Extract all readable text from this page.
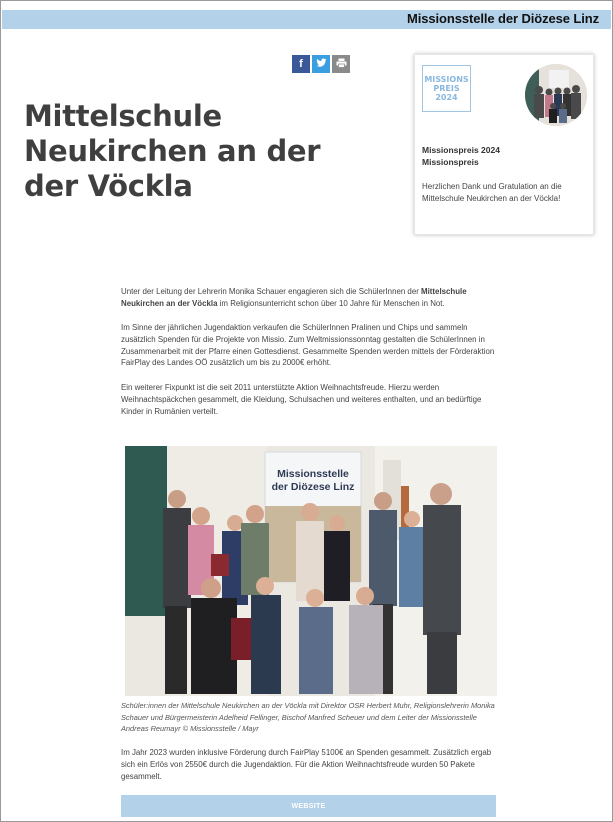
Missionsstelle der Diözese Linz
f
Mittelschule Neukirchen an der der Vöckla
MISSIONS
PREIS
2024
Missionspreis 2024
Missionspreis
Herzlichen Dank und Gratulation an die Mittelschule Neukirchen an der Vöckla!

Unter der Leitung der Lehrerin Monika Schauer engagieren sich die SchülerInnen der Mittelschule Neukirchen an der Vöckla im Religionsunterricht schon über 10 Jahre für Menschen in Not.

Im Sinne der jährlichen Jugendaktion verkaufen die SchülerInnen Pralinen und Chips und sammeln zusätzlich Spenden für die Projekte von Missio. Zum Weltmissionssonntag gestalten die SchülerInnen in Zusammenarbeit mit der Pfarre einen Gottesdienst. Gesammelte Spenden werden mittels der Förderaktion FairPlay des Landes OÖ zusätzlich um bis zu 2000€ erhöht.

Ein weiterer Fixpunkt ist die seit 2011 unterstützte Aktion Weihnachtsfreude. Hierzu werden Weihnachtspäckchen gesammelt, die Kleidung, Schulsachen und weiteres enthalten, und an bedürftige Kinder in Rumänien verteilt.

Missionsstelle
der Diözese Linz

Schüler:innen der Mittelschule Neukirchen an der Vöckla mit Direktor OSR Herbert Muhr, Religionslehrerin Monika Schauer und Bürgermeisterin Adelheid Fellinger, Bischof Manfred Scheuer und dem Leiter der Missionsstelle Andreas Reumayr © Missionsstelle / Mayr

Im Jahr 2023 wurden inklusive Förderung durch FairPlay 5100€ an Spenden gesammelt. Zusätzlich ergab sich ein Erlös von 2550€ durch die Jugendaktion. Für die Aktion Weihnachtsfreude wurden 50 Pakete gesammelt.

WEBSITE
